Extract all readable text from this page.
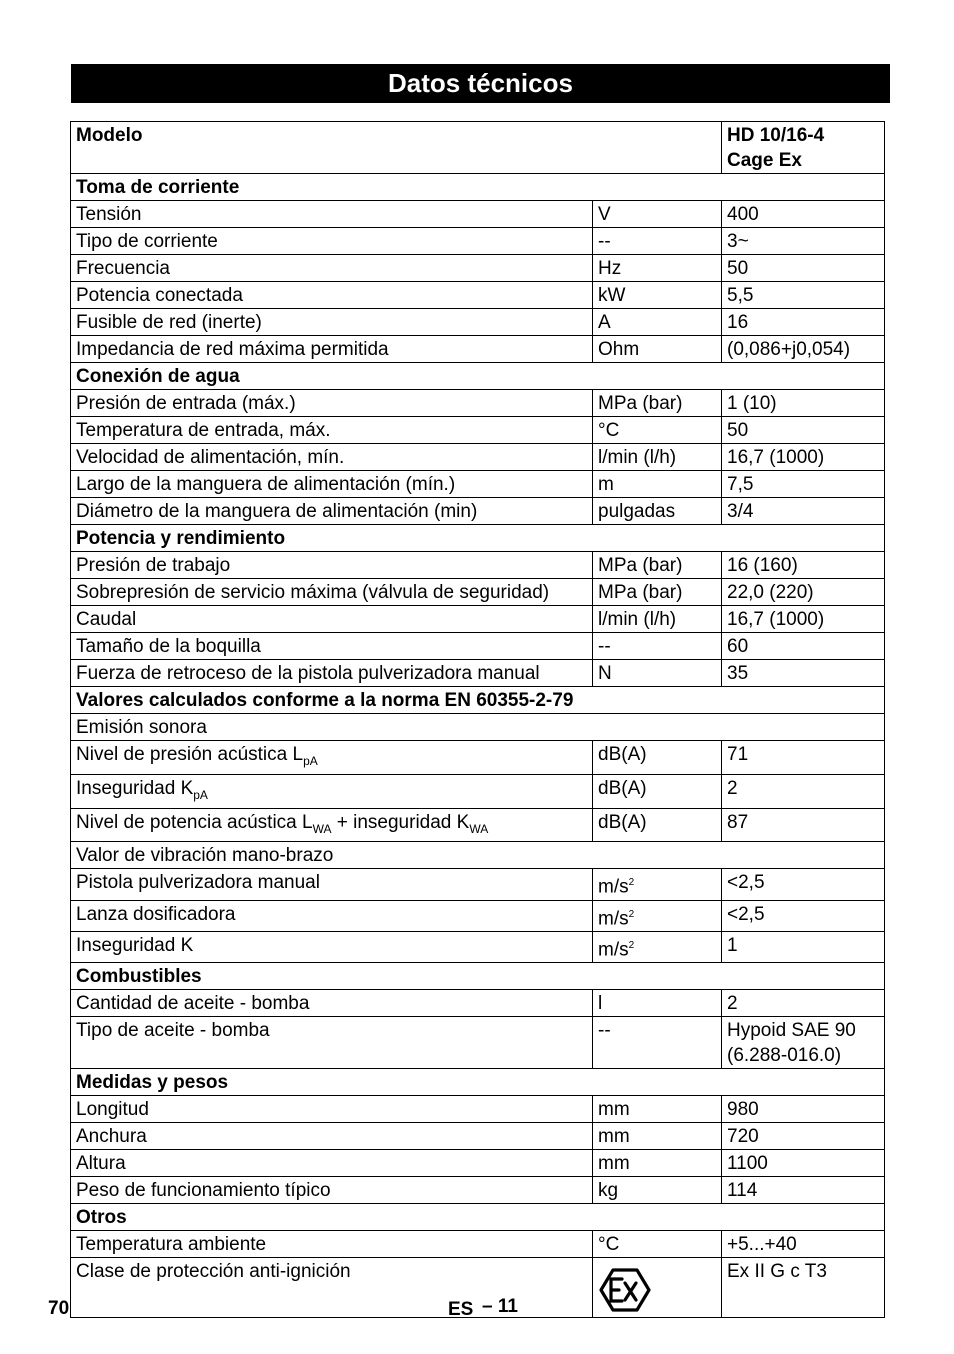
Datos técnicos
Modelo		HD 10/16-4
Cage Ex
Toma de corriente		
Tensión	V	400
Tipo de corriente	--	3~
Frecuencia	Hz	50
Potencia conectada	kW	5,5
Fusible de red (inerte)	A	16
Impedancia de red máxima permitida	Ohm	(0,086+j0,054)
Conexión de agua		
Presión de entrada (máx.)	MPa (bar)	1 (10)
Temperatura de entrada, máx.	°C	50
Velocidad de alimentación, mín.	l/min (l/h)	16,7 (1000)
Largo de la manguera de alimentación (mín.)	m	7,5
Diámetro de la manguera de alimentación (min)	pulgadas	3/4
Potencia y rendimiento		
Presión de trabajo	MPa (bar)	16 (160)
Sobrepresión de servicio máxima (válvula de seguridad)	MPa (bar)	22,0 (220)
Caudal	l/min (l/h)	16,7 (1000)
Tamaño de la boquilla	--	60
Fuerza de retroceso de la pistola pulverizadora manual	N	35
Valores calculados conforme a la norma EN 60355-2-79		
Emisión sonora		
Nivel de presión acústica $L_{pA}$	dB(A)	71
Inseguridad $K_{pA}$	dB(A)	2
Nivel de potencia acústica $L_{WA}$ + inseguridad $K_{WA}$	dB(A)	87
Valor de vibración mano-brazo		
Pistola pulverizadora manual	$m/s^2$	<2,5
Lanza dosificadora	$m/s^2$	<2,5
Inseguridad K	$m/s^2$	1
Combustibles		
Cantidad de aceite - bomba	l	2
Tipo de aceite - bomba	--	Hypoid SAE 90
(6.288-016.0)
Medidas y pesos		
Longitud	mm	980
Anchura	mm	720
Altura	mm	1100
Peso de funcionamiento típico	kg	114
Otros		
Temperatura ambiente	°C	+5...+40
Clase de protección anti-ignición		Ex II G c T3
70	ES – 11
